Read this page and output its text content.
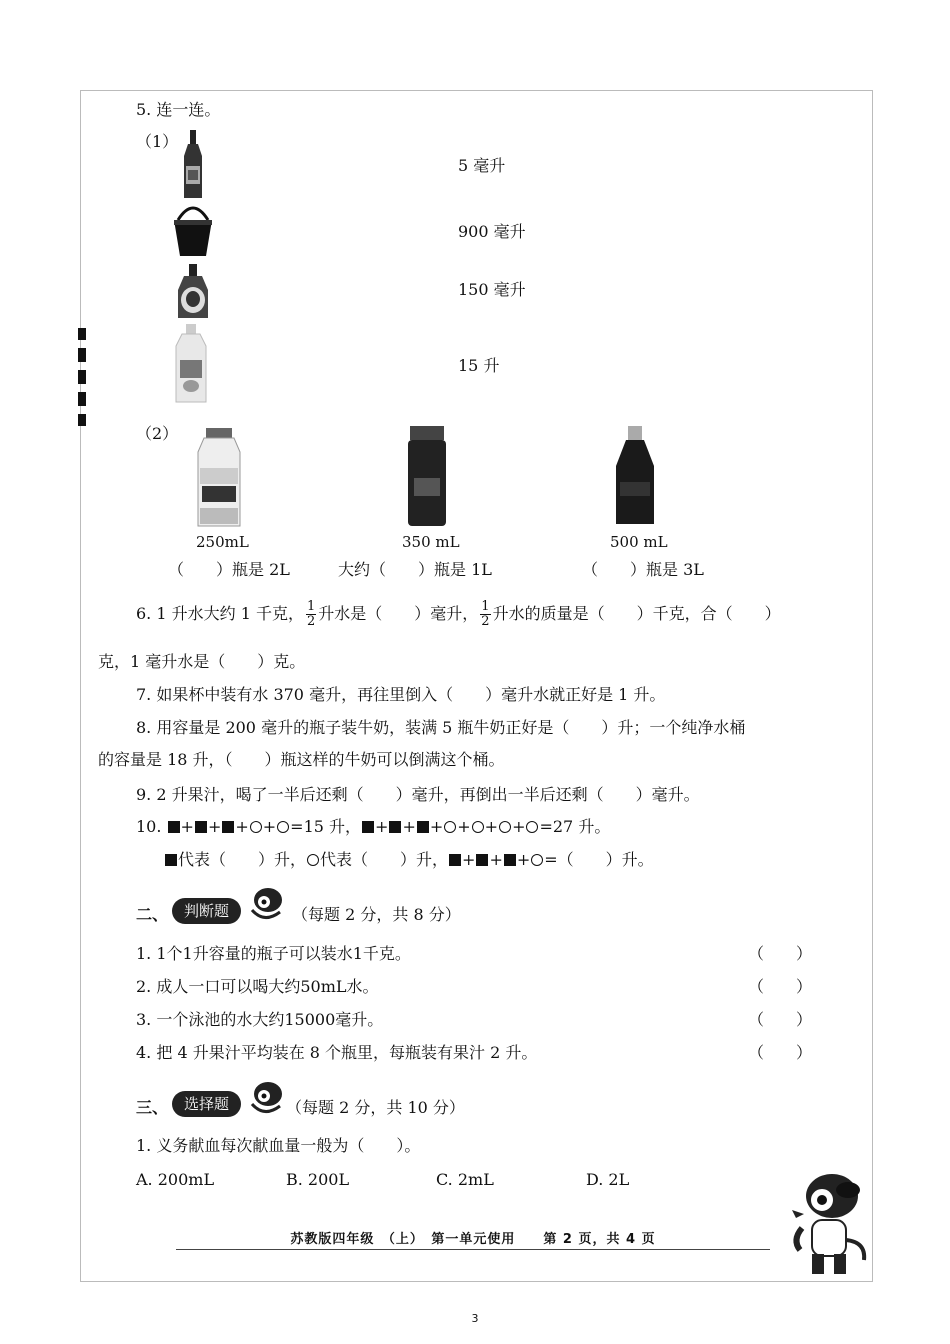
5. 连一连。
（1）
5 毫升
900 毫升
150 毫升
15 升
（2）
250mL	350 mL	500 mL
（　　）瓶是 2L	大约（　　）瓶是 1L	（　　）瓶是 3L
6. 1 升水大约 1 千克， $\frac{1}{2}$ 升水是（　　）毫升， $\frac{1}{2}$ 升水的质量是（　　）千克，合（　　）
克，1 毫升水是（　　）克。
7. 如果杯中装有水 370 毫升，再往里倒入（　　）毫升水就正好是 1 升。
8. 用容量是 200 毫升的瓶子装牛奶，装满 5 瓶牛奶正好是（　　）升；一个纯净水桶
的容量是 18 升，（　　）瓶这样的牛奶可以倒满这个桶。
9. 2 升果汁，喝了一半后还剩（　　）毫升，再倒出一半后还剩（　　）毫升。
10. + + + + =15 升， + + + + + + =27 升。
代表（　　）升， 代表（　　）升， + + + =（　　）升。
二、	判断题	（每题 2 分，共 8 分）
1. 1个1升容量的瓶子可以装水1千克。	（　　）
2. 成人一口可以喝大约50mL水。	（　　）
3. 一个泳池的水大约15000毫升。	（　　）
4. 把 4 升果汁平均装在 8 个瓶里，每瓶装有果汁 2 升。	（　　）
三、	选择题	（每题 2 分，共 10 分）
1. 义务献血每次献血量一般为（　　）。
A. 200mL	B. 200L	C. 2mL	D. 2L
苏教版四年级　（上）　第一单元使用　　第 2 页，共 4 页
3
